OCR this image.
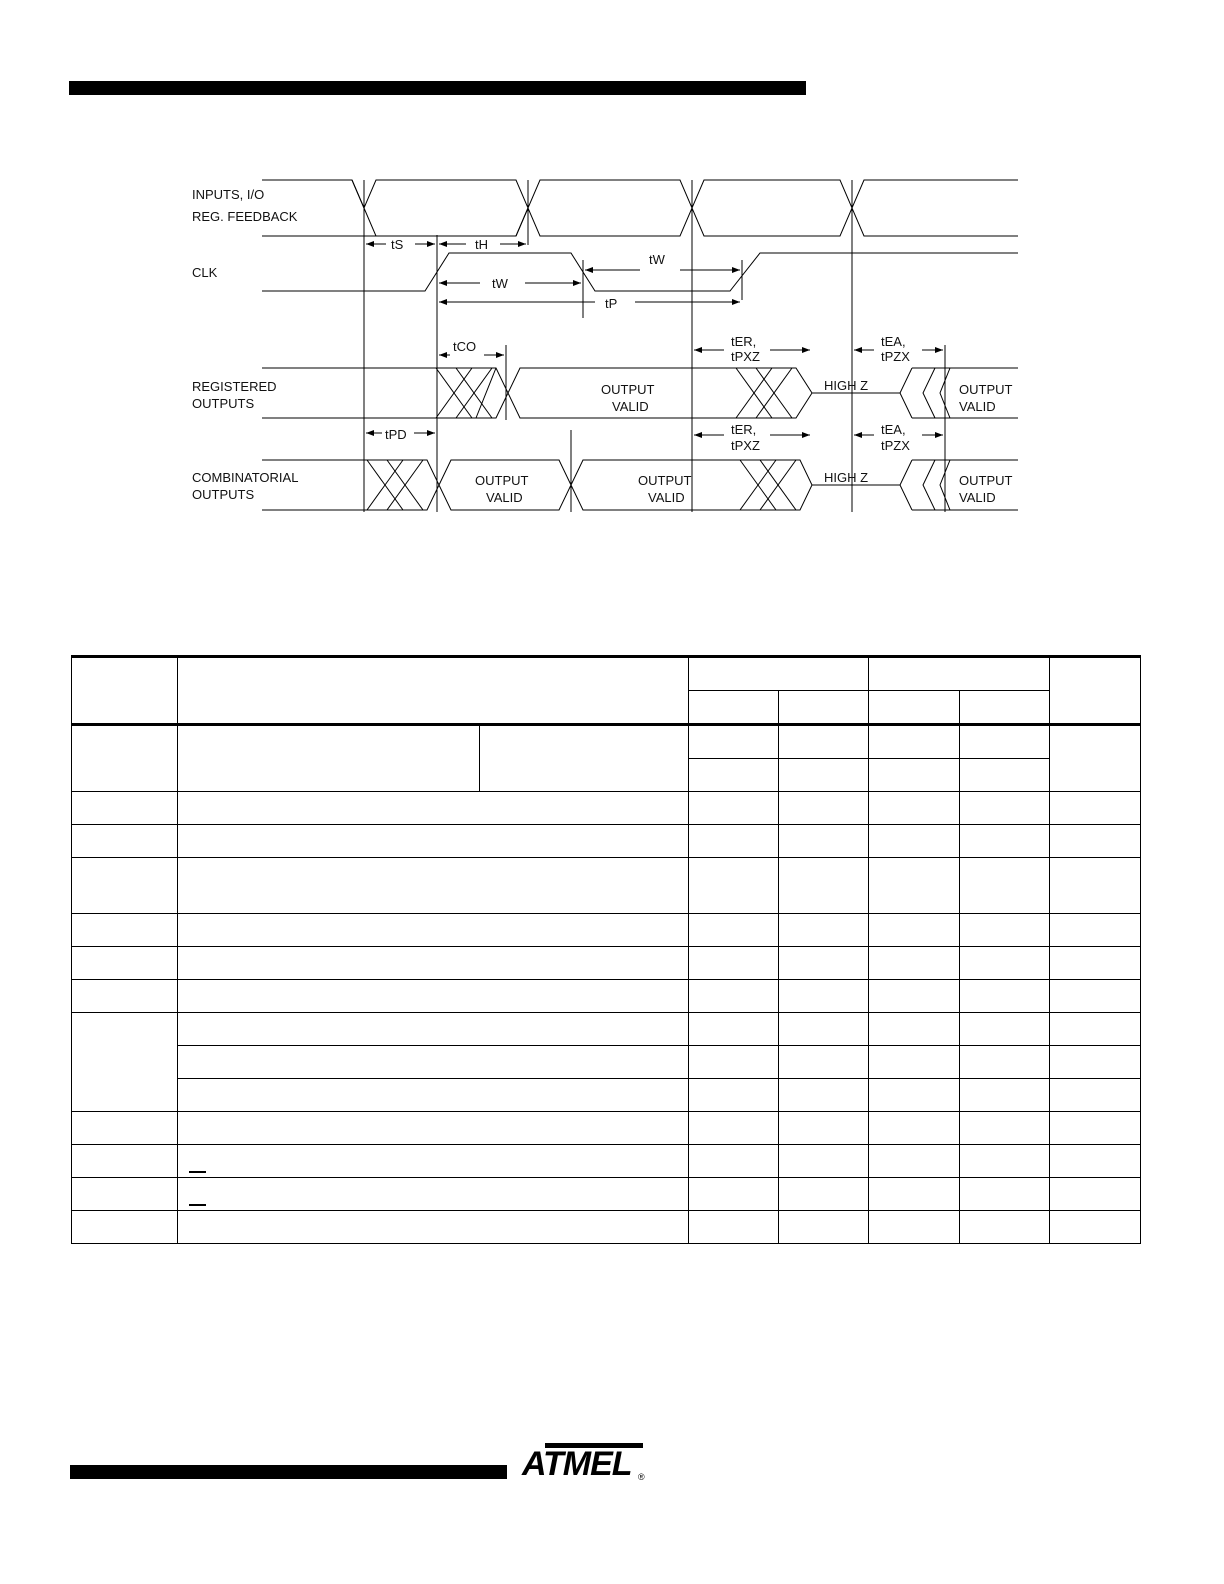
INPUTS, I/O
REG. FEEDBACK
CLK
REGISTERED
OUTPUTS
COMBINATORIAL
OUTPUTS
tS	tH
tW
tW
tP
tCO	tER,
tPXZ
tEA,
tPZX
tPD	tER,
tPXZ
tEA,
tPZX
OUTPUT
VALID
HIGH Z	OUTPUT
VALID
OUTPUT
VALID
OUTPUT
VALID
HIGH Z	OUTPUT
VALID

ATMEL ®
